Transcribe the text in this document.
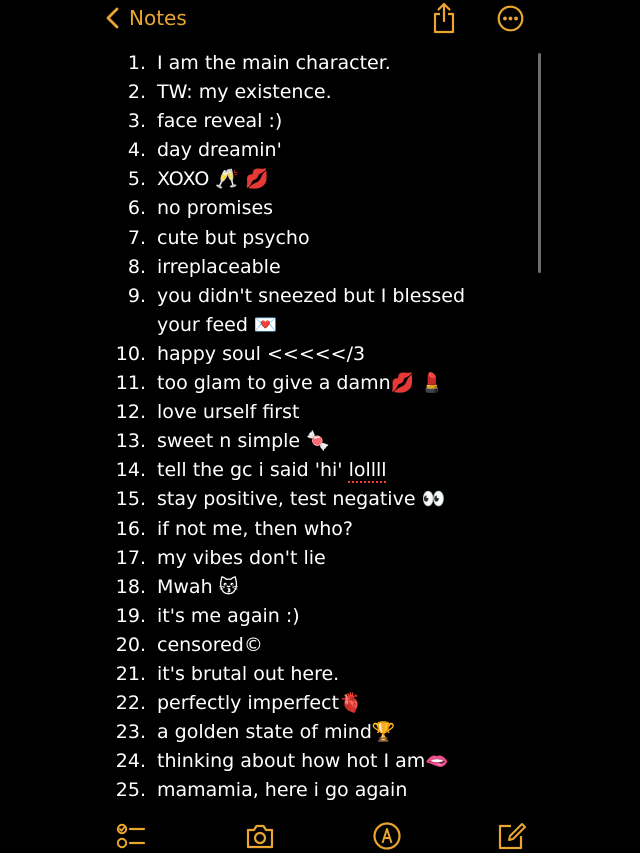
Notes
1. I am the main character.
2. TW: my existence.
3. face reveal :)
4. day dreamin'
5. XOXO 🥂 💋
6. no promises
7. cute but psycho
8. irreplaceable
9. you didn't sneezed but I blessed your feed 💌
10. happy soul <<<<</3
11. too glam to give a damn💋 💄
12. love urself first
13. sweet n simple 🍬
14. tell the gc i said 'hi' lollll
15. stay positive, test negative 👀
16. if not me, then who?
17. my vibes don't lie
18. Mwah 😽
19. it's me again :)
20. censored©
21. it's brutal out here.
22. perfectly imperfect🫀
23. a golden state of mind🏆
24. thinking about how hot I am🫦
25. mamamia, here i go again
